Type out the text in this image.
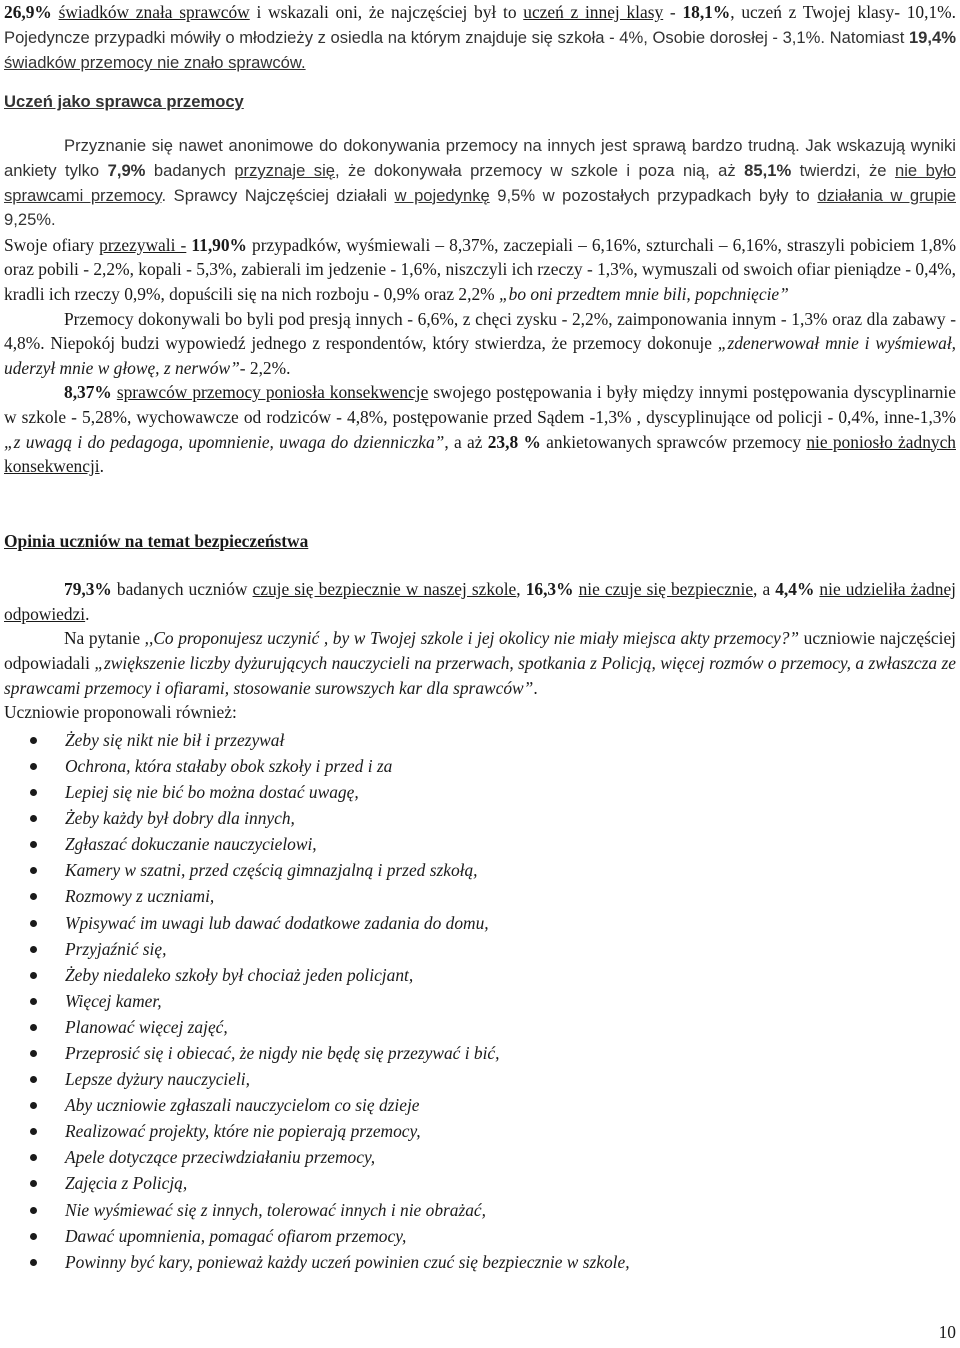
26,9% świadków znała sprawców i wskazali oni, że najczęściej był to uczeń z innej klasy - 18,1%, uczeń z Twojej klasy- 10,1%. Pojedyncze przypadki mówiły o młodzieży z osiedla na którym znajduje się szkoła - 4%, Osobie dorosłej - 3,1%. Natomiast 19,4% świadków przemocy nie znało sprawców.

Uczeń jako sprawca przemocy

Przyznanie się nawet anonimowe do dokonywania przemocy na innych jest sprawą bardzo trudną. Jak wskazują wyniki ankiety tylko 7,9% badanych przyznaje się, że dokonywała przemocy w szkole i poza nią, aż 85,1% twierdzi, że nie było sprawcami przemocy. Sprawcy Najczęściej działali w pojedynkę 9,5% w pozostałych przypadkach były to działania w grupie 9,25%.

Swoje ofiary przezywali - 11,90% przypadków, wyśmiewali – 8,37%, zaczepiali – 6,16%, szturchali – 6,16%, straszyli pobiciem 1,8% oraz pobili - 2,2%, kopali - 5,3%, zabierali im jedzenie - 1,6%, niszczyli ich rzeczy - 1,3%, wymuszali od swoich ofiar pieniądze - 0,4%, kradli ich rzeczy 0,9%, dopuścili się na nich rozboju - 0,9% oraz 2,2% „bo oni przedtem mnie bili, popchnięcie”

Przemocy dokonywali bo byli pod presją innych - 6,6%, z chęci zysku - 2,2%, zaimponowania innym - 1,3% oraz dla zabawy - 4,8%. Niepokój budzi wypowiedź jednego z respondentów, który stwierdza, że przemocy dokonuje „zdenerwował mnie i wyśmiewał, uderzył mnie w głowę, z nerwów”- 2,2%.

8,37% sprawców przemocy poniosła konsekwencje swojego postępowania i były między innymi postępowania dyscyplinarnie w szkole - 5,28%, wychowawcze od rodziców - 4,8%, postępowanie przed Sądem -1,3% , dyscyplinujące od policji - 0,4%, inne-1,3% „z uwagą i do pedagoga, upomnienie, uwaga do dzienniczka”, a aż 23,8 % ankietowanych sprawców przemocy nie poniosło żadnych konsekwencji.

Opinia uczniów na temat bezpieczeństwa

79,3% badanych uczniów czuje się bezpiecznie w naszej szkole, 16,3% nie czuje się bezpiecznie, a 4,4% nie udzieliła żadnej odpowiedzi.

Na pytanie ,,Co proponujesz uczynić , by w Twojej szkole i jej okolicy nie miały miejsca akty przemocy?” uczniowie najczęściej odpowiadali „zwiększenie liczby dyżurujących nauczycieli na przerwach, spotkania z Policją, więcej rozmów o przemocy, a zwłaszcza ze sprawcami przemocy i ofiarami, stosowanie surowszych kar dla sprawców”.

Uczniowie proponowali również:

Żeby się nikt nie bił i przezywał
Ochrona, która stałaby obok szkoły i przed i za
Lepiej się nie bić bo można dostać uwagę,
Żeby każdy był dobry dla innych,
Zgłaszać dokuczanie nauczycielowi,
Kamery w szatni, przed częścią gimnazjalną i przed szkołą,
Rozmowy z uczniami,
Wpisywać im uwagi lub dawać dodatkowe zadania do domu,
Przyjaźnić się,
Żeby niedaleko szkoły był chociaż jeden policjant,
Więcej kamer,
Planować więcej zajęć,
Przeprosić się i obiecać, że nigdy nie będę się przezywać i bić,
Lepsze dyżury nauczycieli,
Aby uczniowie zgłaszali nauczycielom co się dzieje
Realizować projekty, które nie popierają przemocy,
Apele dotyczące przeciwdziałaniu przemocy,
Zajęcia z Policją,
Nie wyśmiewać się z innych, tolerować innych i nie obrażać,
Dawać upomnienia, pomagać ofiarom przemocy,
Powinny być kary, ponieważ każdy uczeń powinien czuć się bezpiecznie w szkole,
10
